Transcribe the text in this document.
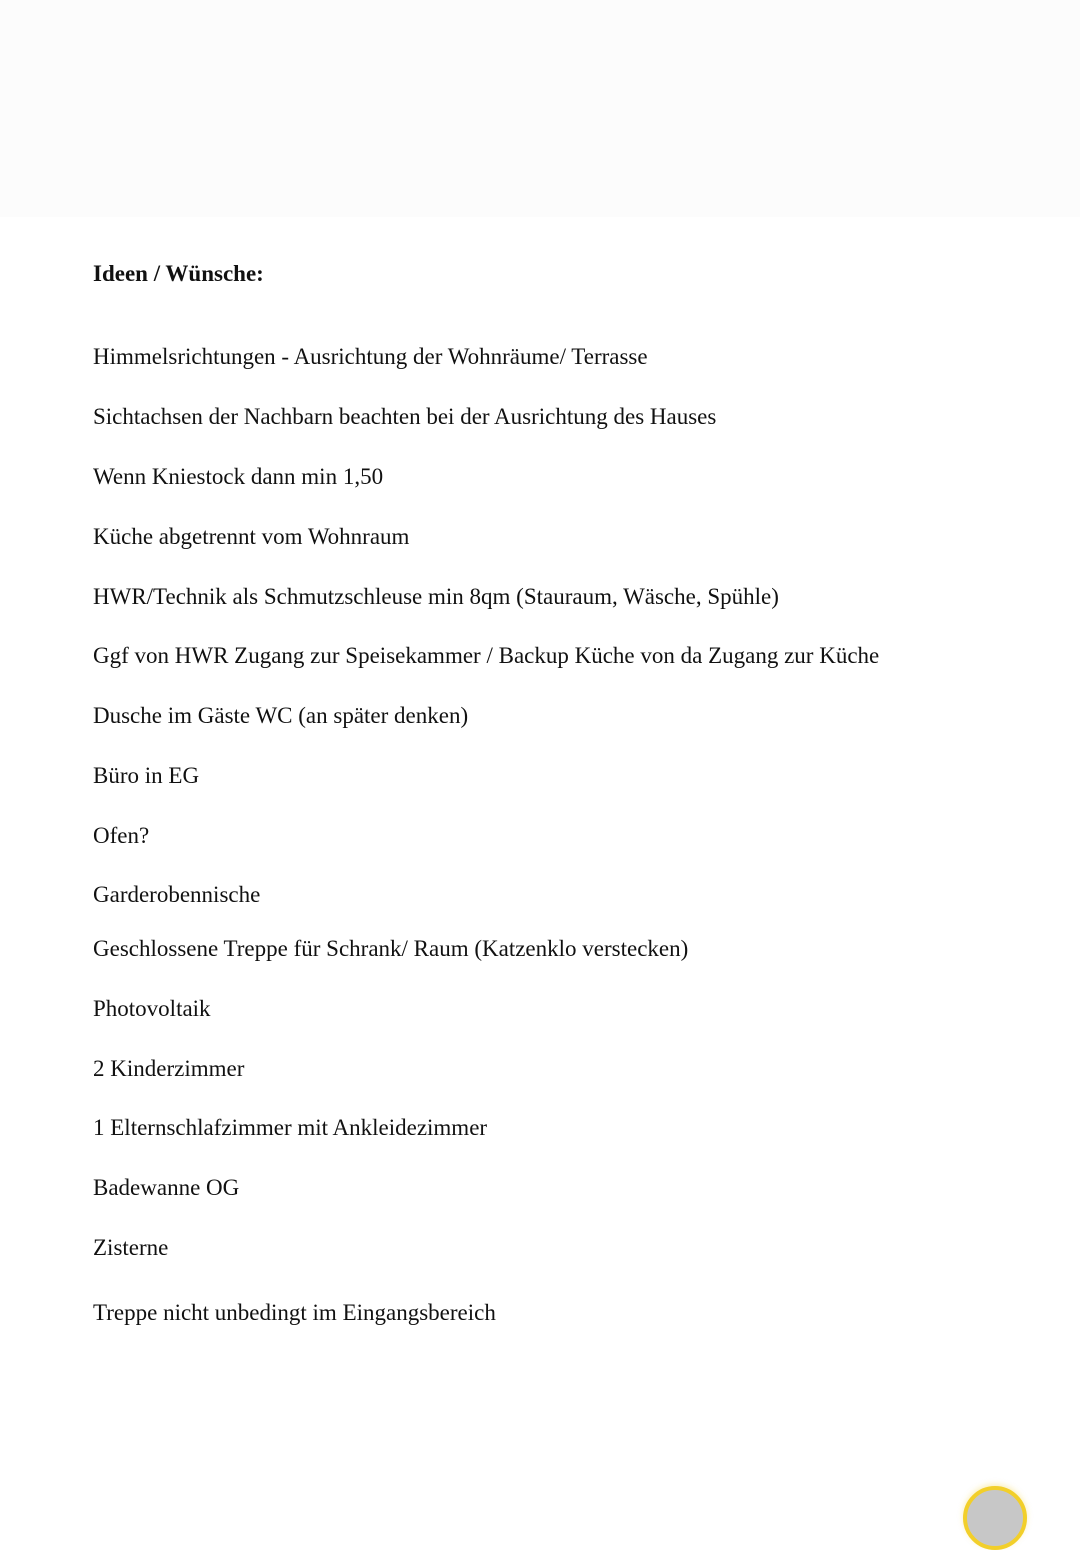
Ideen / Wünsche:
Himmelsrichtungen - Ausrichtung der Wohnräume/ Terrasse
Sichtachsen der Nachbarn beachten bei der Ausrichtung des Hauses
Wenn Kniestock dann min 1,50
Küche abgetrennt vom Wohnraum
HWR/Technik als Schmutzschleuse min 8qm (Stauraum, Wäsche, Spühle)
Ggf von HWR Zugang zur Speisekammer / Backup Küche von da Zugang zur Küche
Dusche im Gäste WC (an später denken)
Büro in EG
Ofen?
Garderobennische
Geschlossene Treppe für Schrank/ Raum (Katzenklo verstecken)
Photovoltaik
2 Kinderzimmer
1 Elternschlafzimmer mit Ankleidezimmer
Badewanne OG
Zisterne
Treppe nicht unbedingt im Eingangsbereich
